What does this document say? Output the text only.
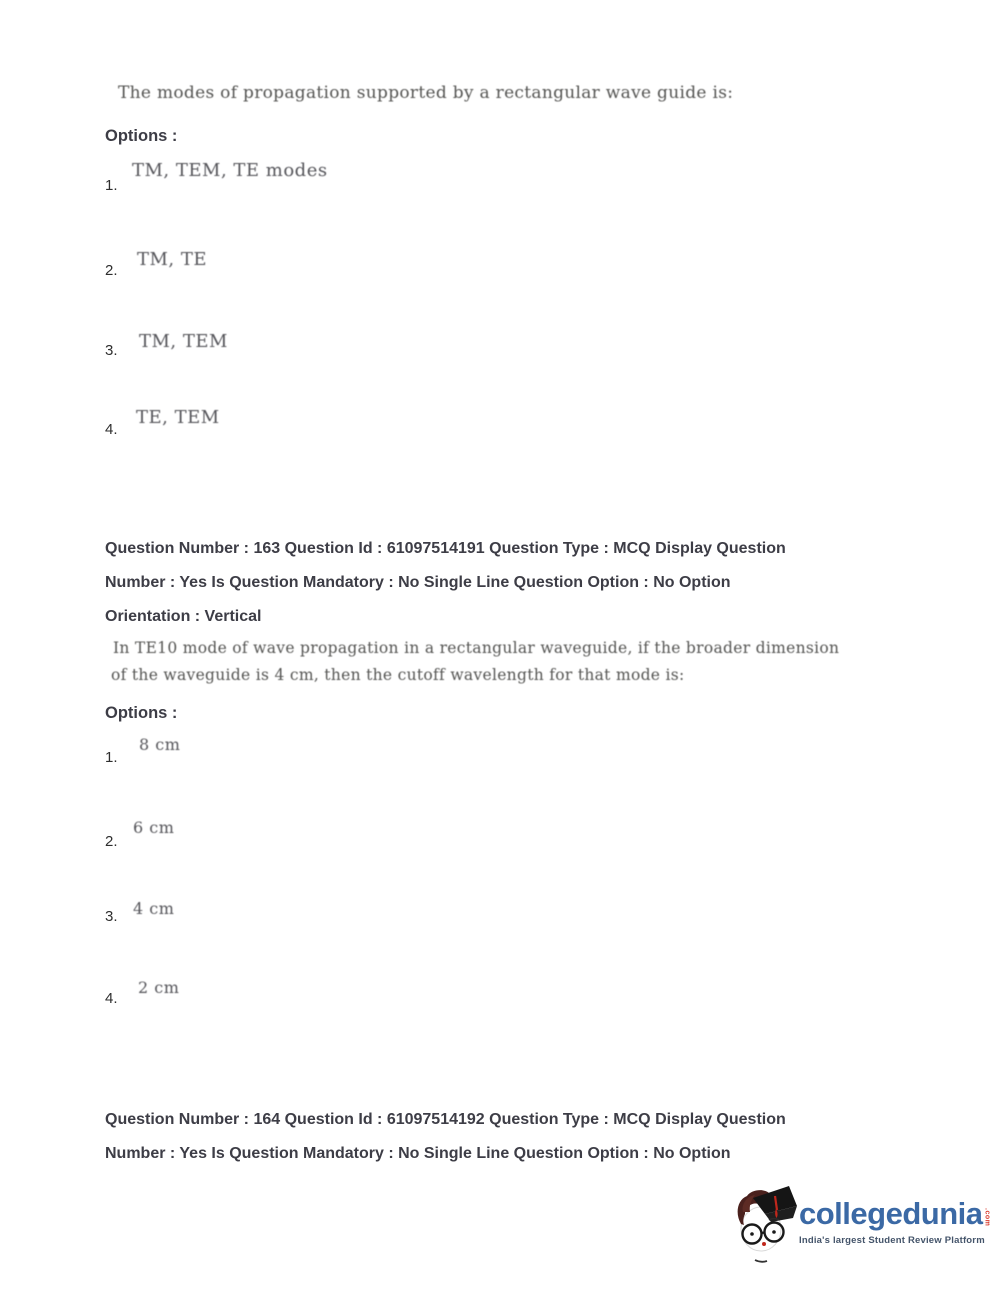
The modes of propagation supported by a rectangular wave guide is:
Options :
1.
TM, TEM, TE modes
2.
TM, TE
3. TM, TEM
4.
TE, TEM
Question Number : 163 Question Id : 61097514191 Question Type : MCQ Display Question
Number : Yes Is Question Mandatory : No Single Line Question Option : No Option
Orientation : Vertical
In TE10 mode of wave propagation in a rectangular waveguide, if the broader dimension
of the waveguide is 4 cm, then the cutoff wavelength for that mode is:
Options :
1.
8 cm
2.
6 cm
3. 4 cm
4.
2 cm
Question Number : 164 Question Id : 61097514192 Question Type : MCQ Display Question
Number : Yes Is Question Mandatory : No Single Line Question Option : No Option
collegedunia .com
India's largest Student Review Platform
